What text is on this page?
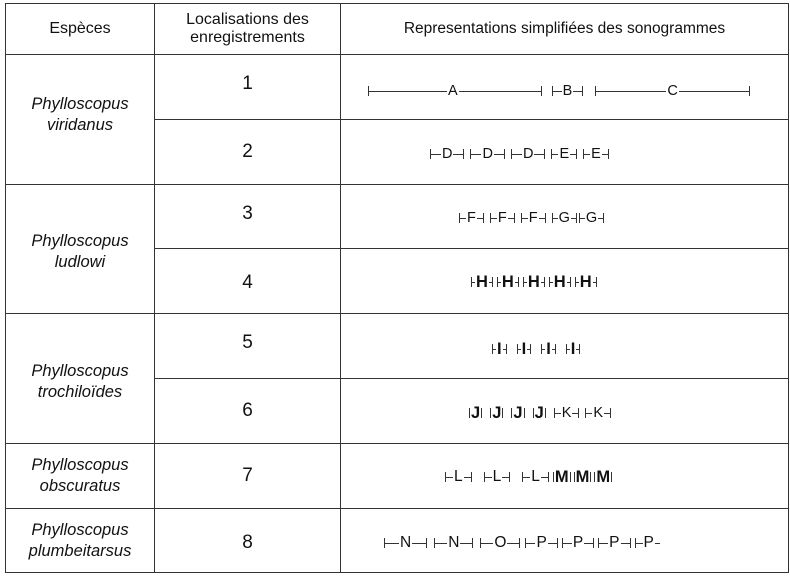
Espèces
Localisations des enregistrements
Representations simplifiées des sonogrammes
Phylloscopus
viridanus
Phylloscopus
ludlowi
Phylloscopus
trochiloïdes
Phylloscopus
obscuratus
Phylloscopus
plumbeitarsus
1
2
3
4
5
6
7
8
A	B	C
D D D E E
F F F G G
H H H H H
I I I I
J J J J K K
L L L M M M
N N O P P P P
